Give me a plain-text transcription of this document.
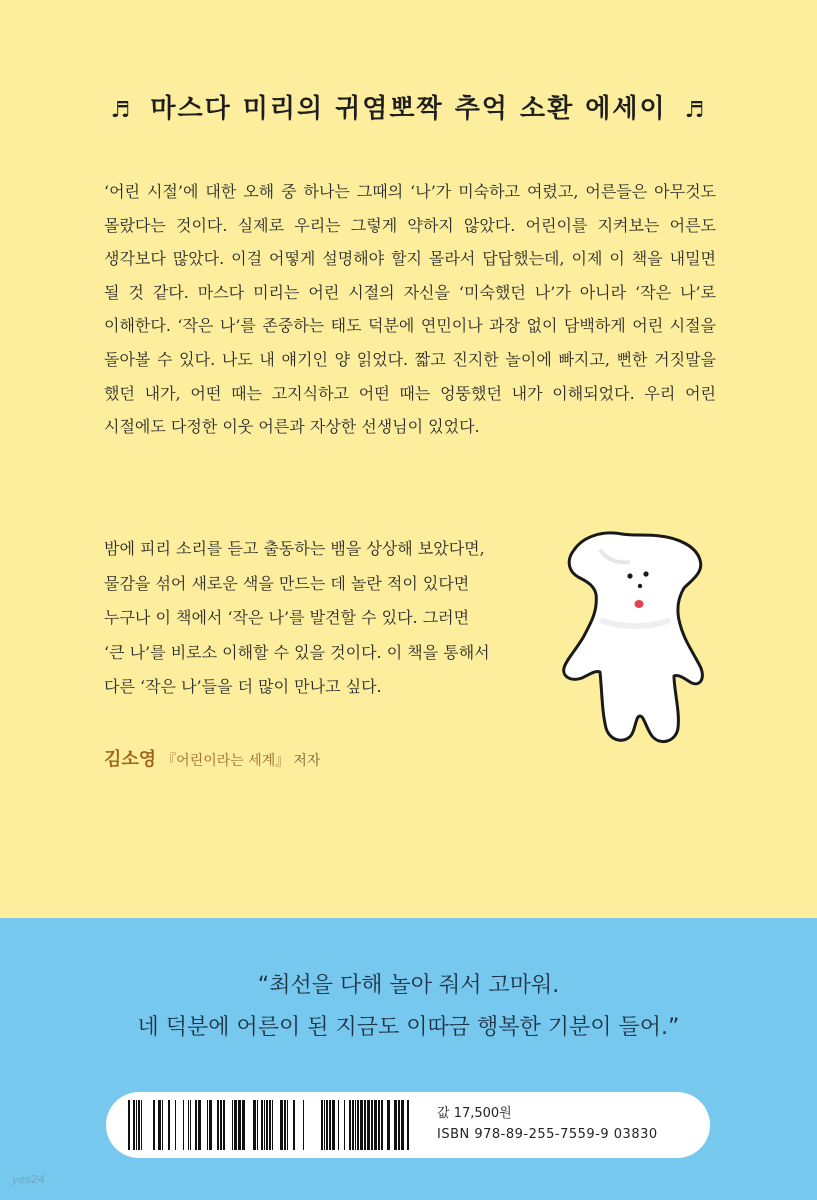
♬ 마스다 미리의 귀염뽀짝 추억 소환 에세이 ♬

‘어린 시절’에 대한 오해 중 하나는 그때의 ‘나’가 미숙하고 여렸고, 어른들은 아무것도 몰랐다는 것이다. 실제로 우리는 그렇게 약하지 않았다. 어린이를 지켜보는 어른도 생각보다 많았다. 이걸 어떻게 설명해야 할지 몰라서 답답했는데, 이제 이 책을 내밀면 될 것 같다. 마스다 미리는 어린 시절의 자신을 ‘미숙했던 나’가 아니라 ‘작은 나’로 이해한다. ‘작은 나’를 존중하는 태도 덕분에 연민이나 과장 없이 담백하게 어린 시절을 돌아볼 수 있다. 나도 내 얘기인 양 읽었다. 짧고 진지한 놀이에 빠지고, 뻔한 거짓말을 했던 내가, 어떤 때는 고지식하고 어떤 때는 엉뚱했던 내가 이해되었다. 우리 어린 시절에도 다정한 이웃 어른과 자상한 선생님이 있었다.

밤에 피리 소리를 듣고 출동하는 뱀을 상상해 보았다면,

물감을 섞어 새로운 색을 만드는 데 놀란 적이 있다면

누구나 이 책에서 ‘작은 나’를 발견할 수 있다. 그러면

‘큰 나’를 비로소 이해할 수 있을 것이다. 이 책을 통해서

다른 ‘작은 나’들을 더 많이 만나고 싶다.

김소영 『어린이라는 세계』 저자

“최선을 다해 놀아 줘서 고마워.

네 덕분에 어른이 된 지금도 이따금 행복한 기분이 들어.”

값 17,500원
ISBN 978-89-255-7559-9 03830
yes24
